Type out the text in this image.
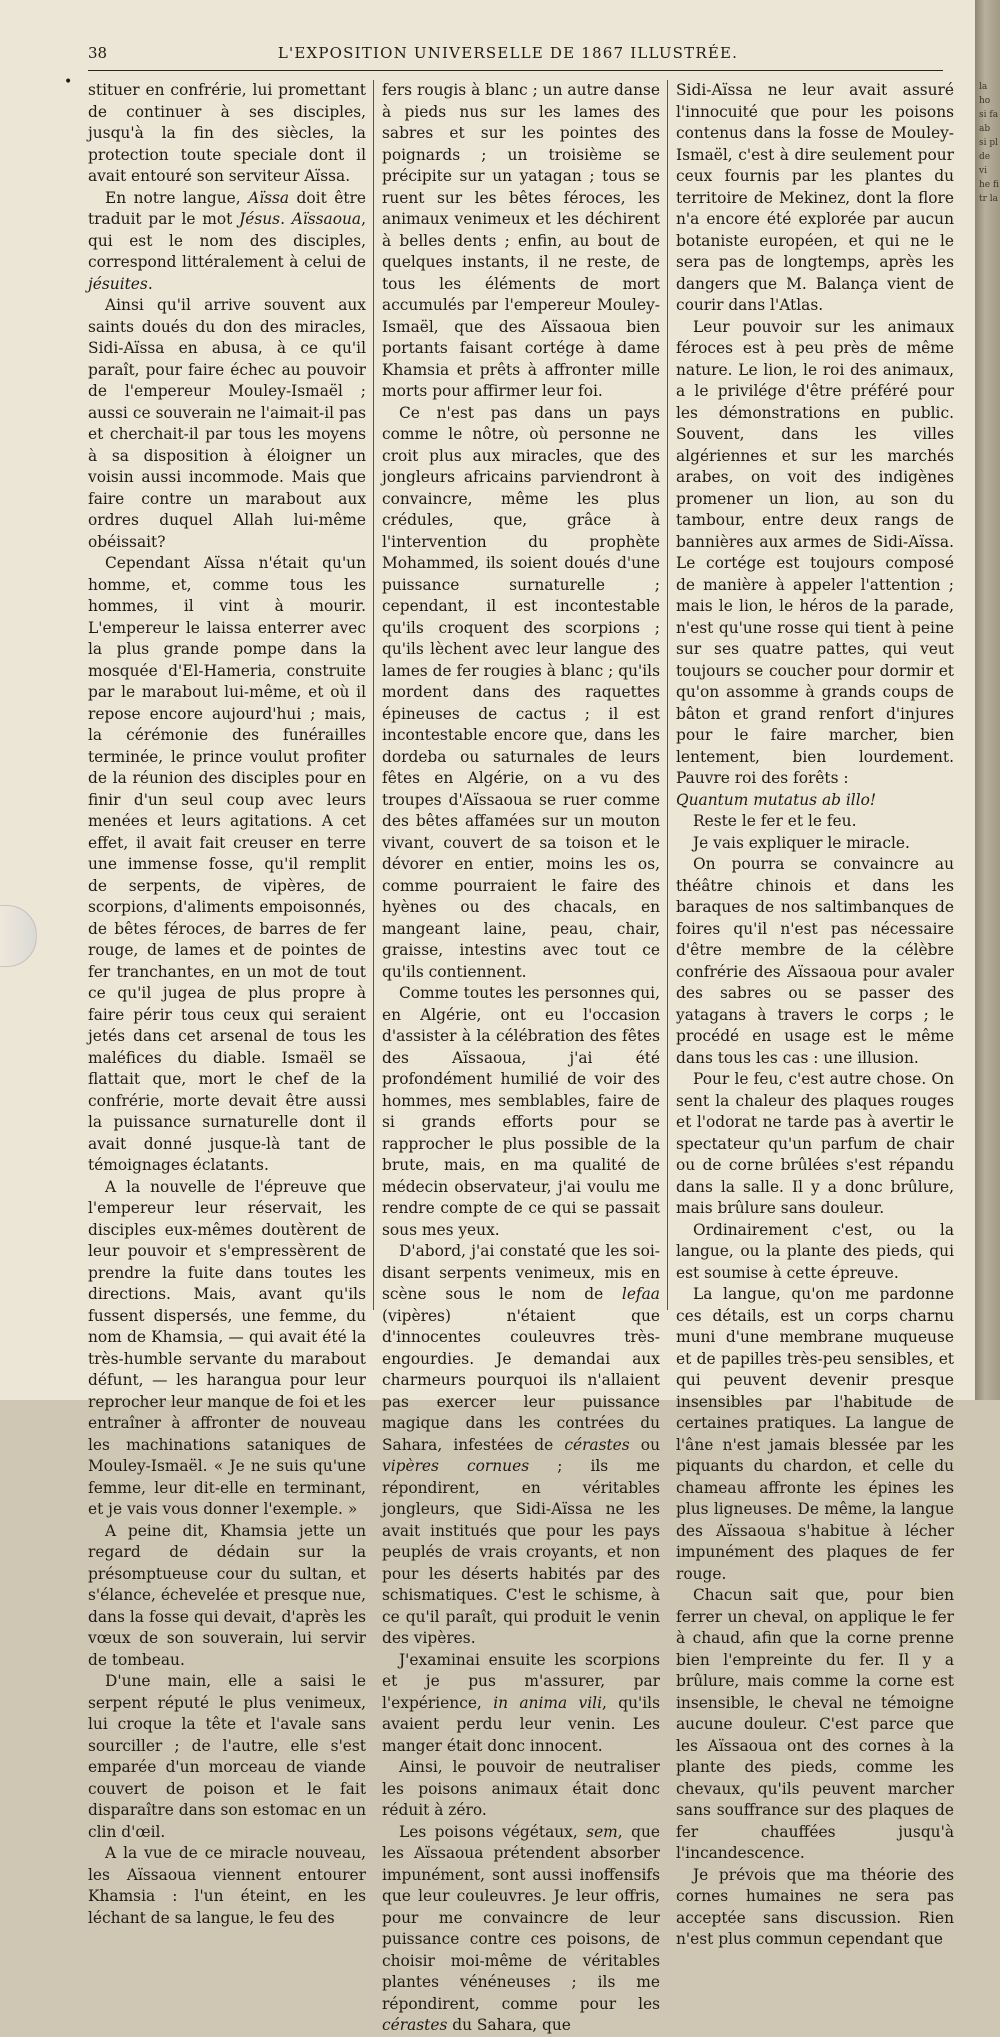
38	L'EXPOSITION UNIVERSELLE DE 1867 ILLUSTRÉE.
• stituer en confrérie, lui promettant de continuer à ses disciples, jusqu'à la fin des siècles, la protection toute speciale dont il avait entouré son serviteur Aïssa.

En notre langue, Aïssa doit être traduit par le mot Jésus. Aïssaoua, qui est le nom des disciples, correspond littéralement à celui de jésuites.

Ainsi qu'il arrive souvent aux saints doués du don des miracles, Sidi-Aïssa en abusa, à ce qu'il paraît, pour faire échec au pouvoir de l'empereur Mouley-Ismaël ; aussi ce souverain ne l'aimait-il pas et cherchait-il par tous les moyens à sa disposition à éloigner un voisin aussi incommode. Mais que faire contre un marabout aux ordres duquel Allah lui-même obéissait?

Cependant Aïssa n'était qu'un homme, et, comme tous les hommes, il vint à mourir. L'empereur le laissa enterrer avec la plus grande pompe dans la mosquée d'El-Hameria, construite par le marabout lui-même, et où il repose encore aujourd'hui ; mais, la cérémonie des funérailles terminée, le prince voulut profiter de la réunion des disciples pour en finir d'un seul coup avec leurs menées et leurs agitations. A cet effet, il avait fait creuser en terre une immense fosse, qu'il remplit de serpents, de vipères, de scorpions, d'aliments empoisonnés, de bêtes féroces, de barres de fer rouge, de lames et de pointes de fer tranchantes, en un mot de tout ce qu'il jugea de plus propre à faire périr tous ceux qui seraient jetés dans cet arsenal de tous les maléfices du diable. Ismaël se flattait que, mort le chef de la confrérie, morte devait être aussi la puissance surnaturelle dont il avait donné jusque-là tant de témoignages éclatants.

A la nouvelle de l'épreuve que l'empereur leur réservait, les disciples eux-mêmes doutèrent de leur pouvoir et s'empressèrent de prendre la fuite dans toutes les directions. Mais, avant qu'ils fussent dispersés, une femme, du nom de Khamsia, — qui avait été la très-humble servante du marabout défunt, — les harangua pour leur reprocher leur manque de foi et les entraîner à affronter de nouveau les machinations sataniques de Mouley-Ismaël. « Je ne suis qu'une femme, leur dit-elle en terminant, et je vais vous donner l'exemple. »

A peine dit, Khamsia jette un regard de dédain sur la présomptueuse cour du sultan, et s'élance, échevelée et presque nue, dans la fosse qui devait, d'après les vœux de son souverain, lui servir de tombeau.

D'une main, elle a saisi le serpent réputé le plus venimeux, lui croque la tête et l'avale sans sourciller ; de l'autre, elle s'est emparée d'un morceau de viande couvert de poison et le fait disparaître dans son estomac en un clin d'œil.

A la vue de ce miracle nouveau, les Aïssaoua viennent entourer Khamsia : l'un éteint, en les léchant de sa langue, le feu des

fers rougis à blanc ; un autre danse à pieds nus sur les lames des sabres et sur les pointes des poignards ; un troisième se précipite sur un yatagan ; tous se ruent sur les bêtes féroces, les animaux venimeux et les déchirent à belles dents ; enfin, au bout de quelques instants, il ne reste, de tous les éléments de mort accumulés par l'empereur Mouley-Ismaël, que des Aïssaoua bien portants faisant cortége à dame Khamsia et prêts à affronter mille morts pour affirmer leur foi.

Ce n'est pas dans un pays comme le nôtre, où personne ne croit plus aux miracles, que des jongleurs africains parviendront à convaincre, même les plus crédules, que, grâce à l'intervention du prophète Mohammed, ils soient doués d'une puissance surnaturelle ; cependant, il est incontestable qu'ils croquent des scorpions ; qu'ils lèchent avec leur langue des lames de fer rougies à blanc ; qu'ils mordent dans des raquettes épineuses de cactus ; il est incontestable encore que, dans les dordeba ou saturnales de leurs fêtes en Algérie, on a vu des troupes d'Aïssaoua se ruer comme des bêtes affamées sur un mouton vivant, couvert de sa toison et le dévorer en entier, moins les os, comme pourraient le faire des hyènes ou des chacals, en mangeant laine, peau, chair, graisse, intestins avec tout ce qu'ils contiennent.

Comme toutes les personnes qui, en Algérie, ont eu l'occasion d'assister à la célébration des fêtes des Aïssaoua, j'ai été profondément humilié de voir des hommes, mes semblables, faire de si grands efforts pour se rapprocher le plus possible de la brute, mais, en ma qualité de médecin observateur, j'ai voulu me rendre compte de ce qui se passait sous mes yeux.

D'abord, j'ai constaté que les soi-disant serpents venimeux, mis en scène sous le nom de lefaa (vipères) n'étaient que d'innocentes couleuvres très-engourdies. Je demandai aux charmeurs pourquoi ils n'allaient pas exercer leur puissance magique dans les contrées du Sahara, infestées de cérastes ou vipères cornues ; ils me répondirent, en véritables jongleurs, que Sidi-Aïssa ne les avait institués que pour les pays peuplés de vrais croyants, et non pour les déserts habités par des schismatiques. C'est le schisme, à ce qu'il paraît, qui produit le venin des vipères.

J'examinai ensuite les scorpions et je pus m'assurer, par l'expérience, in anima vili, qu'ils avaient perdu leur venin. Les manger était donc innocent.

Ainsi, le pouvoir de neutraliser les poisons animaux était donc réduit à zéro.

Les poisons végétaux, sem, que les Aïssaoua prétendent absorber impunément, sont aussi inoffensifs que leur couleuvres. Je leur offris, pour me convaincre de leur puissance contre ces poisons, de choisir moi-même de véritables plantes vénéneuses ; ils me répondirent, comme pour les cérastes du Sahara, que

Sidi-Aïssa ne leur avait assuré l'innocuité que pour les poisons contenus dans la fosse de Mouley-Ismaël, c'est à dire seulement pour ceux fournis par les plantes du territoire de Mekinez, dont la flore n'a encore été explorée par aucun botaniste européen, et qui ne le sera pas de longtemps, après les dangers que M. Balança vient de courir dans l'Atlas.

Leur pouvoir sur les animaux féroces est à peu près de même nature. Le lion, le roi des animaux, a le privilége d'être préféré pour les démonstrations en public. Souvent, dans les villes algériennes et sur les marchés arabes, on voit des indigènes promener un lion, au son du tambour, entre deux rangs de bannières aux armes de Sidi-Aïssa. Le cortége est toujours composé de manière à appeler l'attention ; mais le lion, le héros de la parade, n'est qu'une rosse qui tient à peine sur ses quatre pattes, qui veut toujours se coucher pour dormir et qu'on assomme à grands coups de bâton et grand renfort d'injures pour le faire marcher, bien lentement, bien lourdement. Pauvre roi des forêts :

Quantum mutatus ab illo!

Reste le fer et le feu.

Je vais expliquer le miracle.

On pourra se convaincre au théâtre chinois et dans les baraques de nos saltimbanques de foires qu'il n'est pas nécessaire d'être membre de la célèbre confrérie des Aïssaoua pour avaler des sabres ou se passer des yatagans à travers le corps ; le procédé en usage est le même dans tous les cas : une illusion.

Pour le feu, c'est autre chose. On sent la chaleur des plaques rouges et l'odorat ne tarde pas à avertir le spectateur qu'un parfum de chair ou de corne brûlées s'est répandu dans la salle. Il y a donc brûlure, mais brûlure sans douleur.

Ordinairement c'est, ou la langue, ou la plante des pieds, qui est soumise à cette épreuve.

La langue, qu'on me pardonne ces détails, est un corps charnu muni d'une membrane muqueuse et de papilles très-peu sensibles, et qui peuvent devenir presque insensibles par l'habitude de certaines pratiques. La langue de l'âne n'est jamais blessée par les piquants du chardon, et celle du chameau affronte les épines les plus ligneuses. De même, la langue des Aïssaoua s'habitue à lécher impunément des plaques de fer rouge.

Chacun sait que, pour bien ferrer un cheval, on applique le fer à chaud, afin que la corne prenne bien l'empreinte du fer. Il y a brûlure, mais comme la corne est insensible, le cheval ne témoigne aucune douleur. C'est parce que les Aïssaoua ont des cornes à la plante des pieds, comme les chevaux, qu'ils peuvent marcher sans souffrance sur des plaques de fer chauffées jusqu'à l'incandescence.

Je prévois que ma théorie des cornes humaines ne sera pas acceptée sans discussion. Rien n'est plus commun cependant que

la ho si fa ab si pl de vi he fi tr la
